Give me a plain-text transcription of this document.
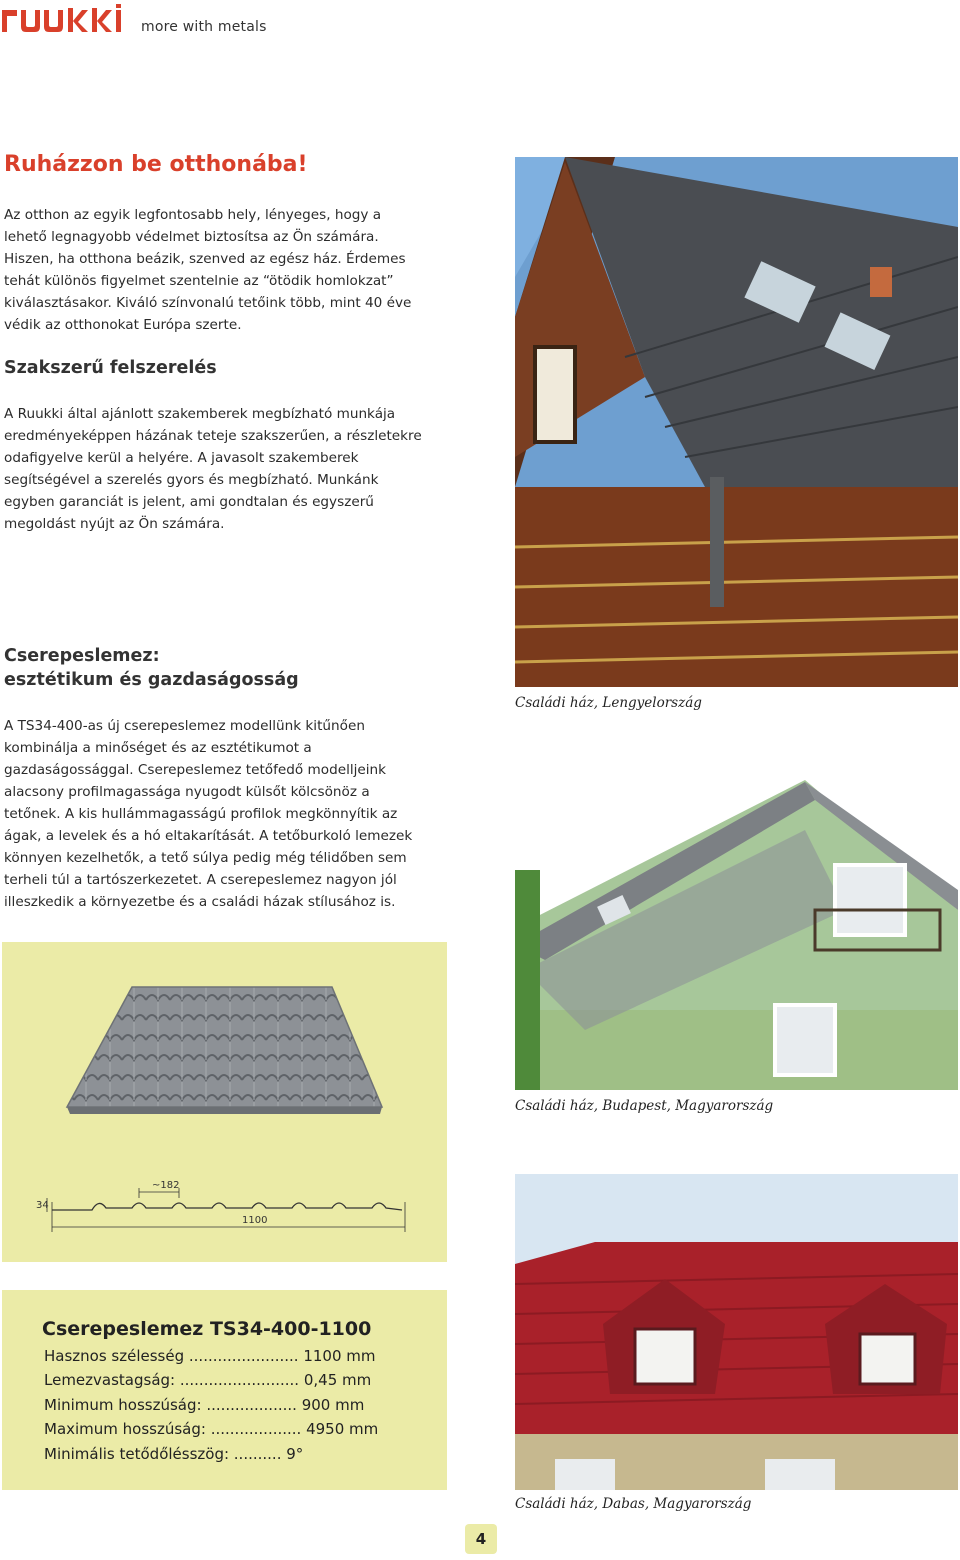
more with metals
Ruházzon be otthonába!
Az otthon az egyik legfontosabb hely, lényeges, hogy a
lehető legnagyobb védelmet biztosítsa az Ön számára.
Hiszen, ha otthona beázik, szenved az egész ház. Érdemes
tehát különös figyelmet szentelnie az “ötödik homlokzat”
kiválasztásakor. Kiváló színvonalú tetőink több, mint 40 éve
védik az otthonokat Európa szerte.
Szakszerű felszerelés
A Ruukki által ajánlott szakemberek megbízható munkája
eredményeképpen házának teteje szakszerűen, a részletekre
odafigyelve kerül a helyére. A javasolt szakemberek
segítségével a szerelés gyors és megbízható. Munkánk
egyben garanciát is jelent, ami gondtalan és egyszerű
megoldást nyújt az Ön számára.
Cserepeslemez:
esztétikum és gazdaságosság
A TS34-400-as új cserepeslemez modellünk kitűnően
kombinálja a minőséget és az esztétikumot a
gazdaságossággal. Cserepeslemez tetőfedő modelljeink
alacsony profilmagassága nyugodt külsőt kölcsönöz a
tetőnek. A kis hullámmagasságú profilok megkönnyítik az
ágak, a levelek és a hó eltakarítását. A tetőburkoló lemezek
könnyen kezelhetők, a tető súlya pedig még télidőben sem
terheli túl a tartószerkezetet. A cserepeslemez nagyon jól
illeszkedik a környezetbe és a családi házak stílusához is.
~182
34
1100
Cserepeslemez TS34-400-1100
Hasznos szélesség ....................... 1100 mm
Lemezvastagság: ......................... 0,45 mm
Minimum hosszúság: ................... 900 mm
Maximum hosszúság: ................... 4950 mm
Minimális tetődőlésszög: .......... 9°
Családi ház, Lengyelország
Családi ház, Budapest, Magyarország
Családi ház, Dabas, Magyarország
4
